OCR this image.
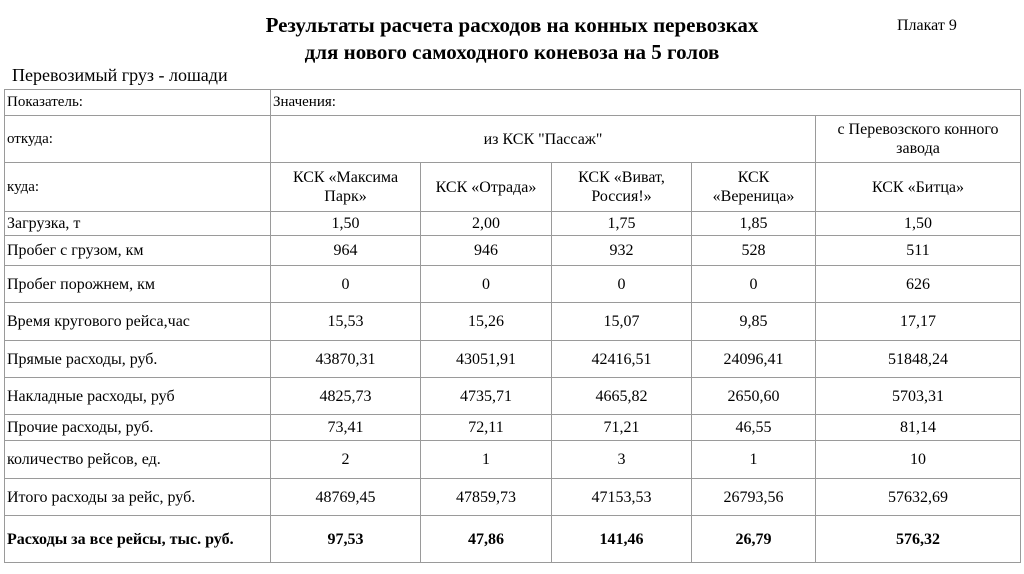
Результаты расчета расходов на конных перевозках
для нового самоходного коневоза на 5 голов
Плакат 9
Перевозимый груз - лошади
Показатель:	Значения:				
откуда:	из КСК "Пассаж"				с Перевозского конного завода
куда:	КСК «Максима Парк»	КСК «Отрада»	КСК «Виват, Россия!»	КСК «Вереница»	КСК «Битца»
Загрузка, т	1,50	2,00	1,75	1,85	1,50
Пробег с грузом, км	964	946	932	528	511
Пробег порожнем, км	0	0	0	0	626
Время кругового рейса,час	15,53	15,26	15,07	9,85	17,17
Прямые расходы, руб.	43870,31	43051,91	42416,51	24096,41	51848,24
Накладные расходы, руб	4825,73	4735,71	4665,82	2650,60	5703,31
Прочие расходы, руб.	73,41	72,11	71,21	46,55	81,14
количество рейсов, ед.	2	1	3	1	10
Итого расходы за рейс, руб.	48769,45	47859,73	47153,53	26793,56	57632,69
Расходы за все рейсы, тыс. руб.	97,53	47,86	141,46	26,79	576,32
